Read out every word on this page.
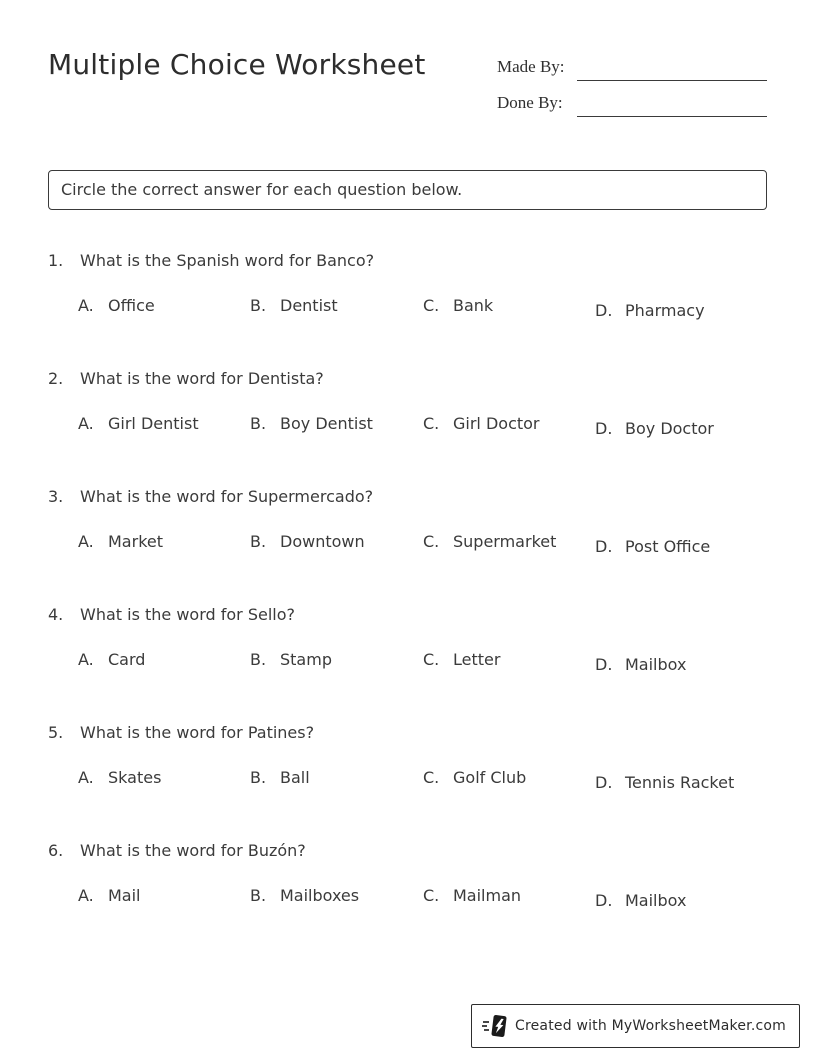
Multiple Choice Worksheet	Made By:
Done By:
Circle the correct answer for each question below.
1.	What is the Spanish word for Banco?
A. Office	B. Dentist	C. Bank	D. Pharmacy
2.	What is the word for Dentista?
A. Girl Dentist	B. Boy Dentist	C. Girl Doctor	D. Boy Doctor
3.	What is the word for Supermercado?
A. Market	B. Downtown	C. Supermarket D. Post Office
4.	What is the word for Sello?
A. Card	B. Stamp	C. Letter	D. Mailbox
5.	What is the word for Patines?
A. Skates	B. Ball	C. Golf Club	D. Tennis Racket
6.	What is the word for Buzón?
A. Mail	B. Mailboxes	C. Mailman	D. Mailbox
Created with MyWorksheetMaker.com
